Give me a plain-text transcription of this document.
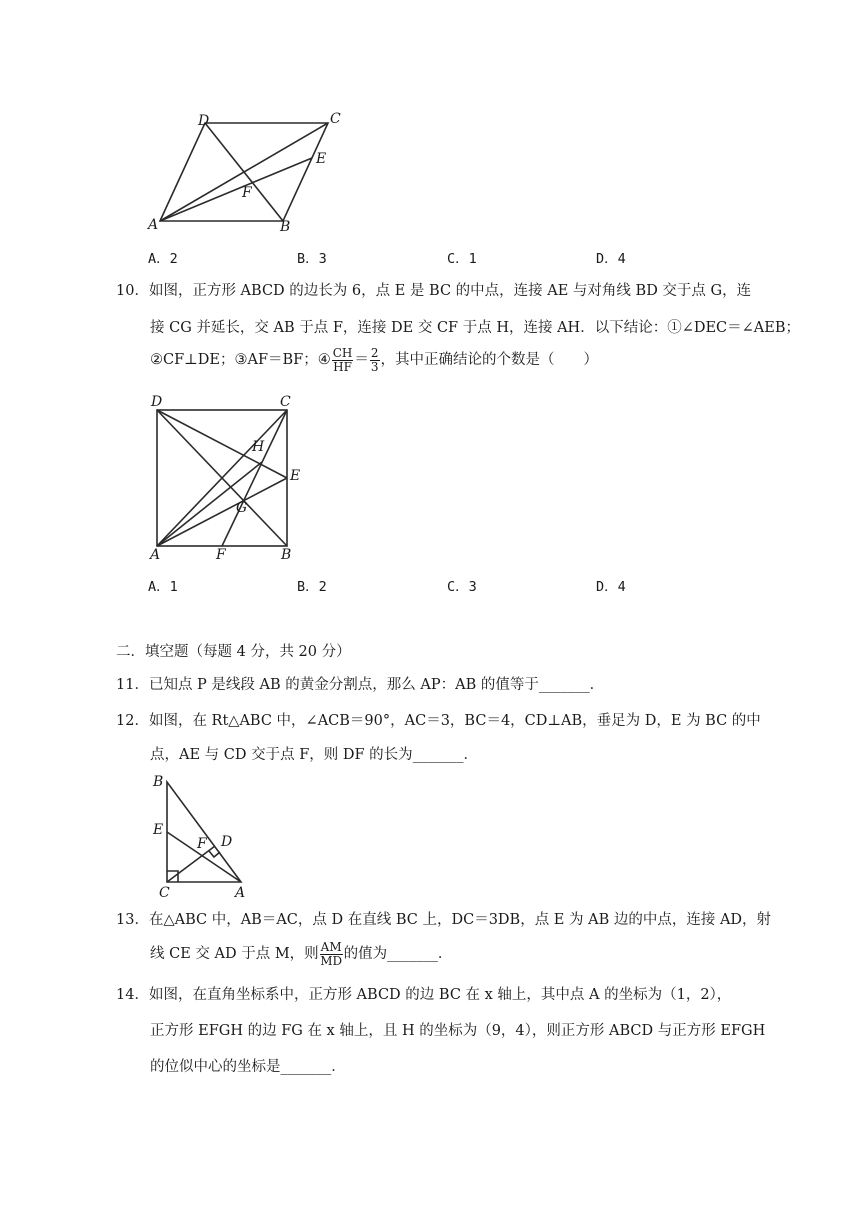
D	C
E
F
A	B
A．2	B．3	C．1	D．4
10．如图，正方形 ABCD 的边长为 6，点 E 是 BC 的中点，连接 AE 与对角线 BD 交于点 G，连
接 CG 并延长，交 AB 于点 F，连接 DE 交 CF 于点 H，连接 AH．以下结论：①∠DEC＝∠AEB；
②CF⊥DE；③AF＝BF；④ $\frac{CH}{HF} = \frac{2}{3}$ ，其中正确结论的个数是（　　）
D	C
H
E
G
A	F	B
A．1	B．2	C．3	D．4
二．填空题（每题 4 分，共 20 分）
11．已知点 P 是线段 AB 的黄金分割点，那么 AP：AB 的值等于_______．
12．如图，在 Rt△ABC 中，∠ACB＝90°，AC＝3，BC＝4，CD⊥AB，垂足为 D，E 为 BC 的中
点，AE 与 CD 交于点 F，则 DF 的长为_______．
B
E
F D
C	A
13．在△ABC 中，AB＝AC，点 D 在直线 BC 上，DC＝3DB，点 E 为 AB 边的中点，连接 AD，射
线 CE 交 AD 于点 M，则 $\frac{AM}{MD}$ 的值为_______．
14．如图，在直角坐标系中，正方形 ABCD 的边 BC 在 x 轴上，其中点 A 的坐标为（1，2），
正方形 EFGH 的边 FG 在 x 轴上，且 H 的坐标为（9，4），则正方形 ABCD 与正方形 EFGH
的位似中心的坐标是_______．
